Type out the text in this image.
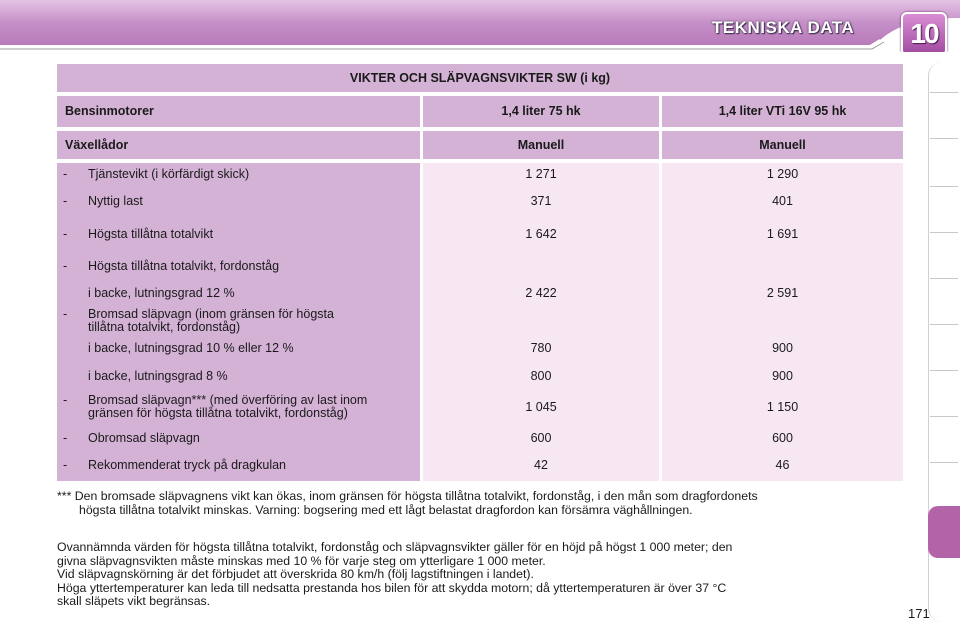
TEKNISKA DATA	10
VIKTER OCH SLÄPVAGNSVIKTER SW (i kg)
Bensinmotorer	1,4 liter 75 hk	1,4 liter VTi 16V 95 hk
Växellådor	Manuell	Manuell
- Tjänstevikt (i körfärdigt skick)	1 271	1 290
- Nyttig last	371	401
- Högsta tillåtna totalvikt	1 642	1 691
- Högsta tillåtna totalvikt, fordonståg
i backe, lutningsgrad 12 %	2 422	2 591
- Bromsad släpvagn (inom gränsen för högsta
tillåtna totalvikt, fordonståg)
i backe, lutningsgrad 10 % eller 12 %	780	900
i backe, lutningsgrad 8 %	800	900
- Bromsad släpvagn*** (med överföring av last inom
gränsen för högsta tillåtna totalvikt, fordonståg)	1 045	1 150
- Obromsad släpvagn	600	600
- Rekommenderat tryck på dragkulan	42	46
*** Den bromsade släpvagnens vikt kan ökas, inom gränsen för högsta tillåtna totalvikt, fordonståg, i den mån som dragfordonets
högsta tillåtna totalvikt minskas. Varning: bogsering med ett lågt belastat dragfordon kan försämra väghållningen.
Ovannämnda värden för högsta tillåtna totalvikt, fordonståg och släpvagnsvikter gäller för en höjd på högst 1 000 meter; den
givna släpvagnsvikten måste minskas med 10 % för varje steg om ytterligare 1 000 meter.
Vid släpvagnskörning är det förbjudet att överskrida 80 km/h (följ lagstiftningen i landet).
Höga yttertemperaturer kan leda till nedsatta prestanda hos bilen för att skydda motorn; då yttertemperaturen är över 37 °C
skall släpets vikt begränsas.
171
